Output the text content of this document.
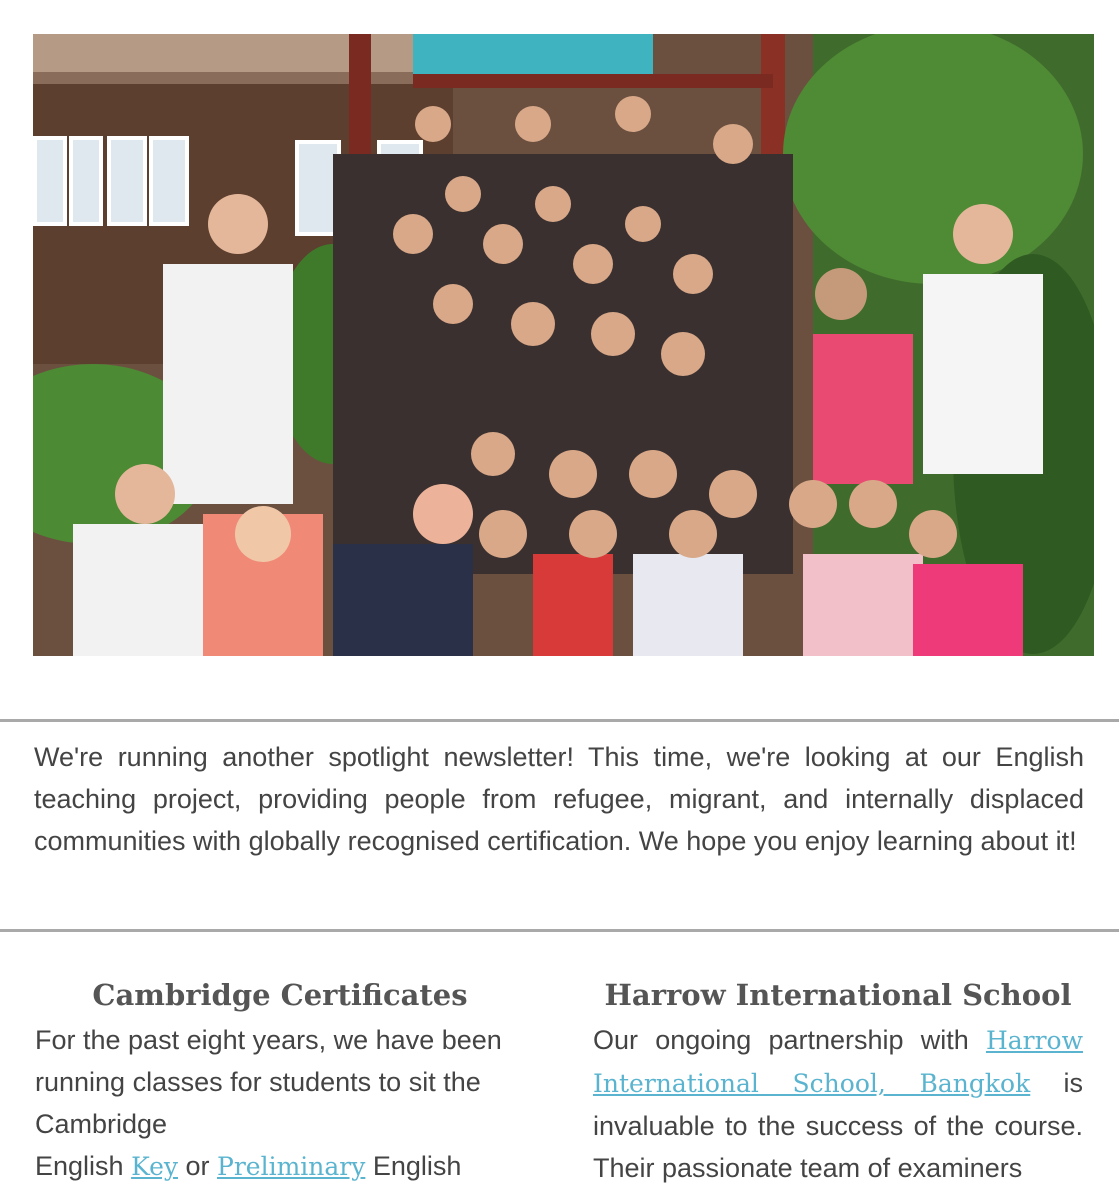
We're running another spotlight newsletter! This time, we're looking at our English teaching project, providing people from refugee, migrant, and internally displaced communities with globally recognised certification. We hope you enjoy learning about it!

Cambridge Certificates

For the past eight years, we have been running classes for students to sit the
Cambridge
English Key or Preliminary English

Harrow International School

Our ongoing partnership with Harrow International School, Bangkok is invaluable to the success of the course. Their passionate team of examiners
